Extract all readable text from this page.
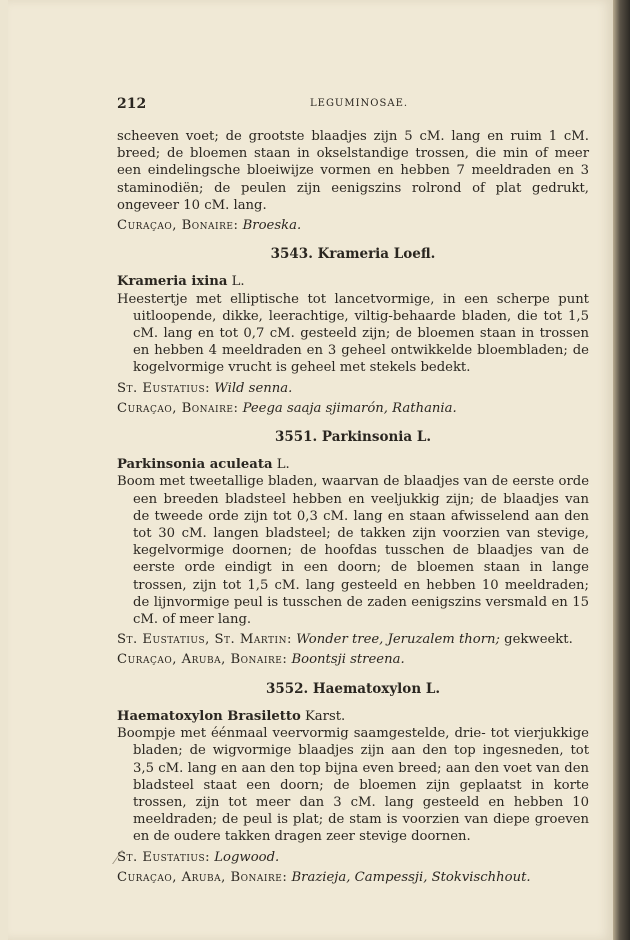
212	LEGUMINOSAE.

scheeven voet; de grootste blaadjes zijn 5 cM. lang en ruim 1 cM. breed; de bloemen staan in okselstandige trossen, die min of meer een eindelingsche bloeiwijze vormen en hebben 7 meeldraden en 3 staminodiën; de peulen zijn eenigszins rolrond of plat gedrukt, ongeveer 10 cM. lang.

Curaçao, Bonaire: Broeska.

3543. Krameria Loefl.

Krameria ixina L.

Heestertje met elliptische tot lancetvormige, in een scherpe punt uitloopende, dikke, leerachtige, viltig-behaarde bladen, die tot 1,5 cM. lang en tot 0,7 cM. gesteeld zijn; de bloemen staan in trossen en hebben 4 meeldraden en 3 geheel ontwikkelde bloembladen; de kogelvormige vrucht is geheel met stekels bedekt.

St. Eustatius: Wild senna.

Curaçao, Bonaire: Peega saaja sjimarón, Rathania.

3551. Parkinsonia L.

Parkinsonia aculeata L.

Boom met tweetallige bladen, waarvan de blaadjes van de eerste orde een breeden bladsteel hebben en veeljukkig zijn; de blaadjes van de tweede orde zijn tot 0,3 cM. lang en staan afwisselend aan den tot 30 cM. langen bladsteel; de takken zijn voorzien van stevige, kegelvormige doornen; de hoofdas tusschen de blaadjes van de eerste orde eindigt in een doorn; de bloemen staan in lange trossen, zijn tot 1,5 cM. lang gesteeld en hebben 10 meeldraden; de lijnvormige peul is tusschen de zaden eenigszins versmald en 15 cM. of meer lang.

St. Eustatius, St. Martin: Wonder tree, Jeruzalem thorn; gekweekt.

Curaçao, Aruba, Bonaire: Boontsji streena.

3552. Haematoxylon L.

Haematoxylon Brasiletto Karst.

Boompje met éénmaal veervormig saamgestelde, drie- tot vierjukkige bladen; de wigvormige blaadjes zijn aan den top ingesneden, tot 3,5 cM. lang en aan den top bijna even breed; aan den voet van den bladsteel staat een doorn; de bloemen zijn geplaatst in korte trossen, zijn tot meer dan 3 cM. lang gesteeld en hebben 10 meeldraden; de peul is plat; de stam is voorzien van diepe groeven en de oudere takken dragen zeer stevige doornen.

St. Eustatius: Logwood.

Curaçao, Aruba, Bonaire: Brazieja, Campessji, Stokvischhout.
